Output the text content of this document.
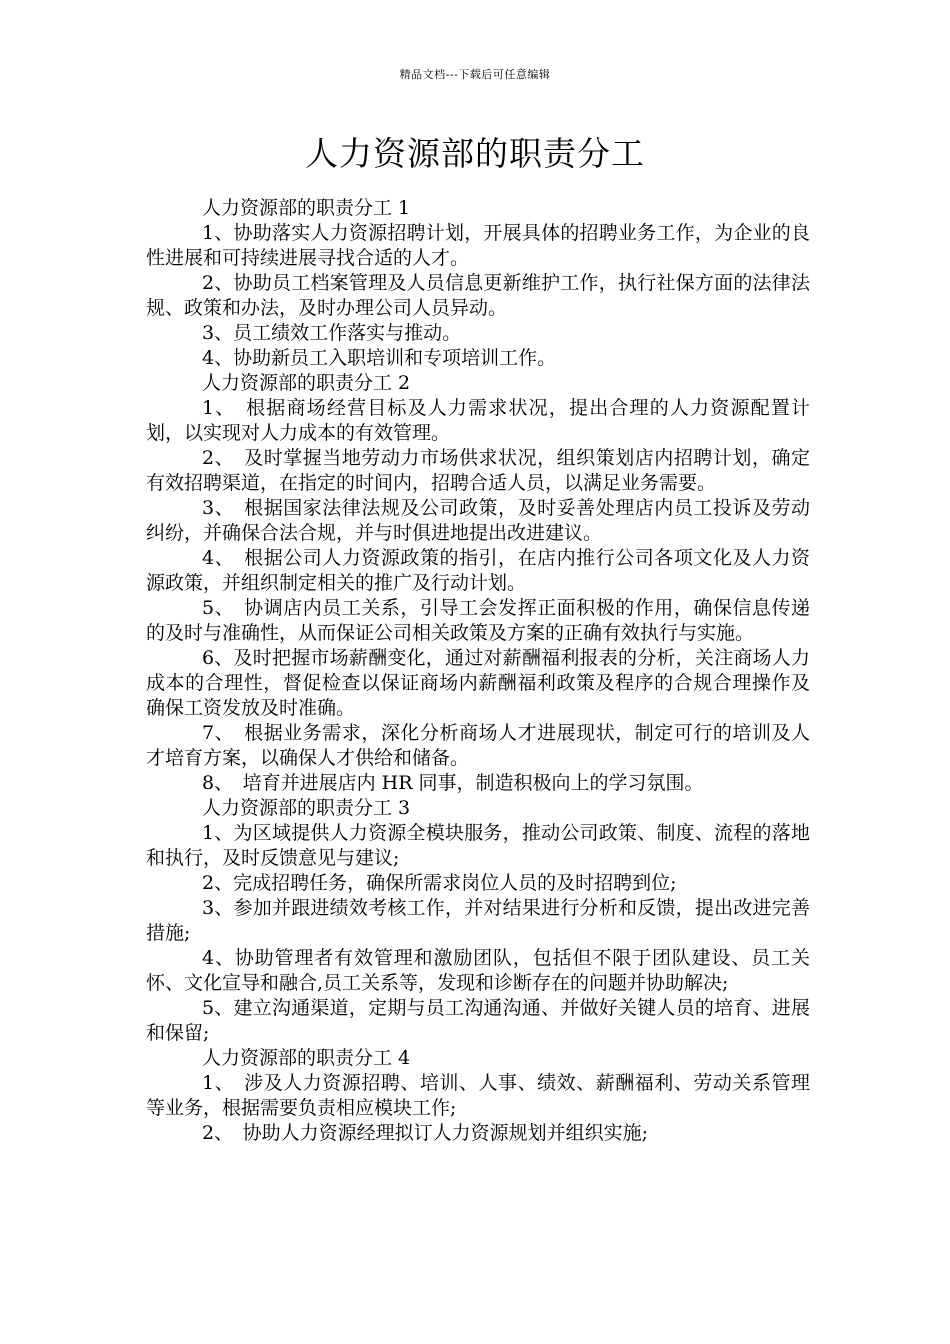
精品文档---下载后可任意编辑
人力资源部的职责分工

人力资源部的职责分工 1

1、协助落实人力资源招聘计划，开展具体的招聘业务工作，为企业的良性进展和可持续进展寻找合适的人才。

2、协助员工档案管理及人员信息更新维护工作，执行社保方面的法律法规、政策和办法，及时办理公司人员异动。

3、员工绩效工作落实与推动。

4、协助新员工入职培训和专项培训工作。

人力资源部的职责分工 2

1、　根据商场经营目标及人力需求状况，提出合理的人力资源配置计划，以实现对人力成本的有效管理。

2、　及时掌握当地劳动力市场供求状况，组织策划店内招聘计划，确定有效招聘渠道，在指定的时间内，招聘合适人员，以满足业务需要。

3、　根据国家法律法规及公司政策，及时妥善处理店内员工投诉及劳动纠纷，并确保合法合规，并与时俱进地提出改进建议。

4、　根据公司人力资源政策的指引，在店内推行公司各项文化及人力资源政策，并组织制定相关的推广及行动计划。

5、　协调店内员工关系，引导工会发挥正面积极的作用，确保信息传递的及时与准确性，从而保证公司相关政策及方案的正确有效执行与实施。

6、及时把握市场薪酬变化，通过对薪酬福利报表的分析，关注商场人力成本的合理性，督促检查以保证商场内薪酬福利政策及程序的合规合理操作及确保工资发放及时准确。

7、　根据业务需求，深化分析商场人才进展现状，制定可行的培训及人才培育方案，以确保人才供给和储备。

8、　培育并进展店内 HR 同事，制造积极向上的学习氛围。

人力资源部的职责分工 3

1、为区域提供人力资源全模块服务，推动公司政策、制度、流程的落地和执行，及时反馈意见与建议;

2、完成招聘任务，确保所需求岗位人员的及时招聘到位;

3、参加并跟进绩效考核工作，并对结果进行分析和反馈，提出改进完善措施;

4、协助管理者有效管理和激励团队，包括但不限于团队建设、员工关怀、文化宣导和融合,员工关系等，发现和诊断存在的问题并协助解决;

5、建立沟通渠道，定期与员工沟通沟通、并做好关键人员的培育、进展和保留;

人力资源部的职责分工 4

1、　涉及人力资源招聘、培训、人事、绩效、薪酬福利、劳动关系管理等业务，根据需要负责相应模块工作;

2、　协助人力资源经理拟订人力资源规划并组织实施;
